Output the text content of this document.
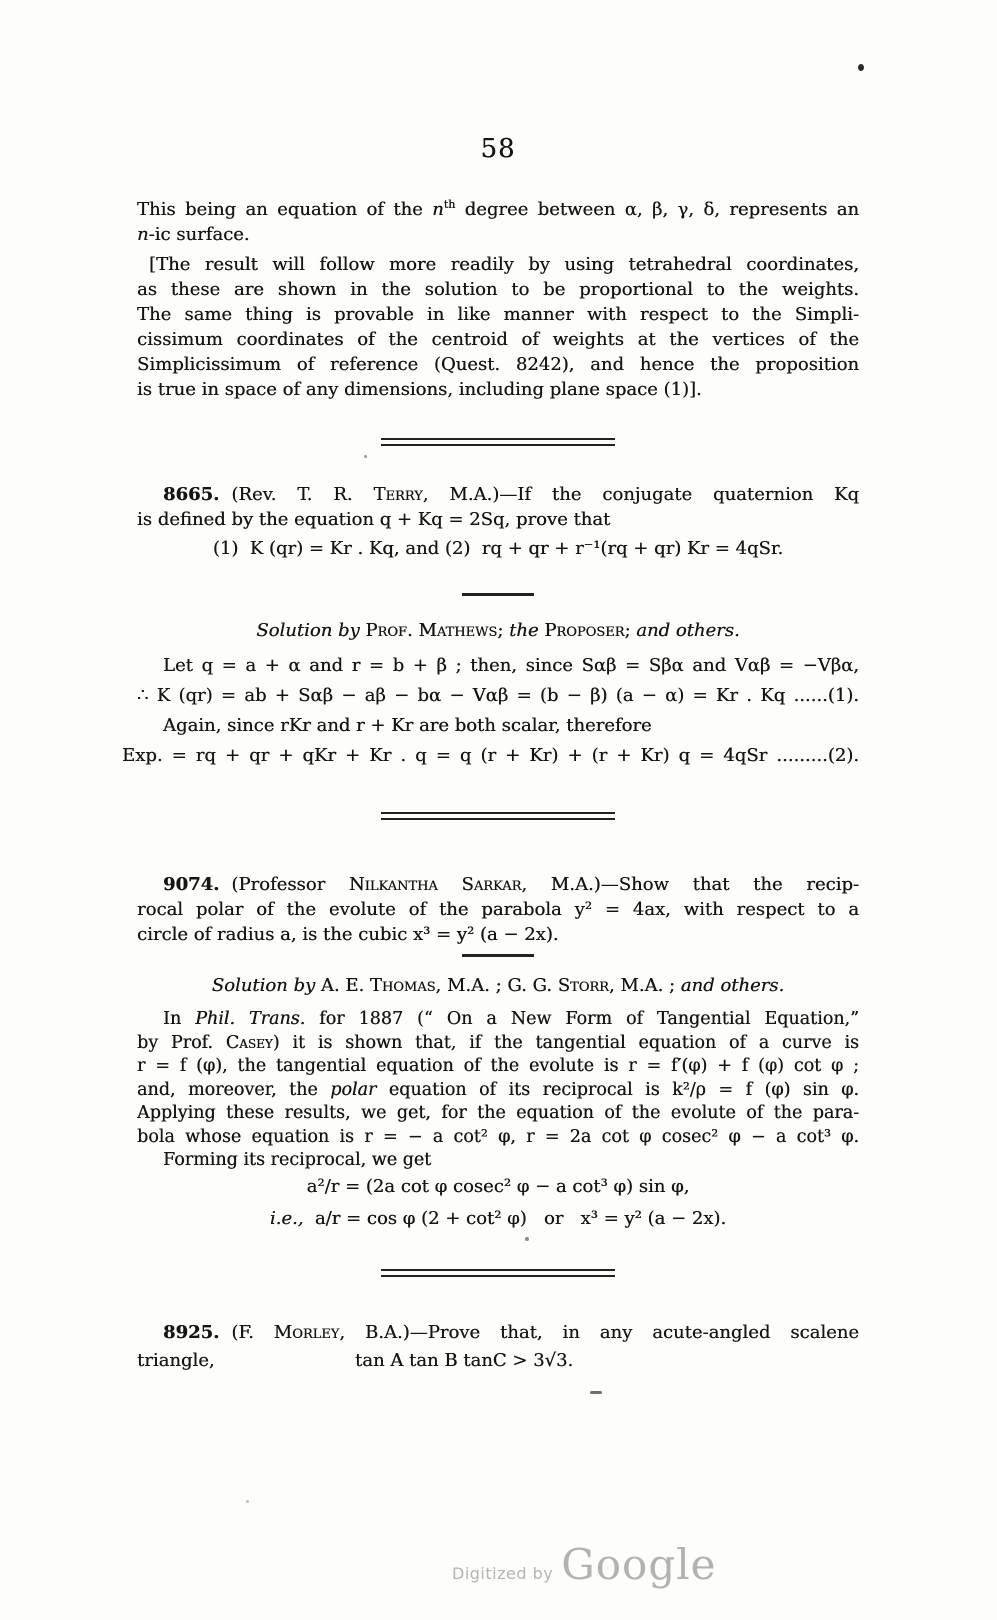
58
This being an equation of the $n^{th}$ degree between α, β, γ, δ, represents an
n-ic surface.
[The result will follow more readily by using tetrahedral coordinates,
as these are shown in the solution to be proportional to the weights.
The same thing is provable in like manner with respect to the Simpli-
cissimum coordinates of the centroid of weights at the vertices of the
Simplicissimum of reference (Quest. 8242), and hence the proposition
is true in space of any dimensions, including plane space (1)].
8665. (Rev. T. R. Terry, M.A.)—If the conjugate quaternion Kq
is defined by the equation q + Kq = 2Sq, prove that
(1)  K (qr) = Kr . Kq, and (2)  rq + qr + r⁻¹(rq + qr) Kr = 4qSr.
Solution by Prof. Mathews; the Proposer; and others.
Let q = a + α and r = b + β ; then, since Sαβ = Sβα and Vαβ = −Vβα,
∴ K (qr) = ab + Sαβ − aβ − bα − Vαβ = (b − β) (a − α) = Kr . Kq ......(1).
Again, since rKr and r + Kr are both scalar, therefore
Exp. = rq + qr + qKr + Kr . q = q (r + Kr) + (r + Kr) q = 4qSr .........(2).
9074. (Professor Nilkantha Sarkar, M.A.)—Show that the recip-
rocal polar of the evolute of the parabola y² = 4ax, with respect to a
circle of radius a, is the cubic x³ = y² (a − 2x).
Solution by A. E. Thomas, M.A. ; G. G. Storr, M.A. ; and others.
In Phil. Trans. for 1887 (“ On a New Form of Tangential Equation,”
by Prof. Casey) it is shown that, if the tangential equation of a curve is
r = f (φ), the tangential equation of the evolute is r = f′(φ) + f (φ) cot φ ;
and, moreover, the polar equation of its reciprocal is k²/ρ = f (φ) sin φ.
Applying these results, we get, for the equation of the evolute of the para-
bola whose equation is r = − a cot² φ, r = 2a cot φ cosec² φ − a cot³ φ.
Forming its reciprocal, we get
a²/r = (2a cot φ cosec² φ − a cot³ φ) sin φ,
i.e.,  a/r = cos φ (2 + cot² φ)   or   x³ = y² (a − 2x).
8925. (F. Morley, B.A.)—Prove that, in any acute-angled scalene
triangle,	tan A tan B tanC > 3√3.
Digitized by Google
